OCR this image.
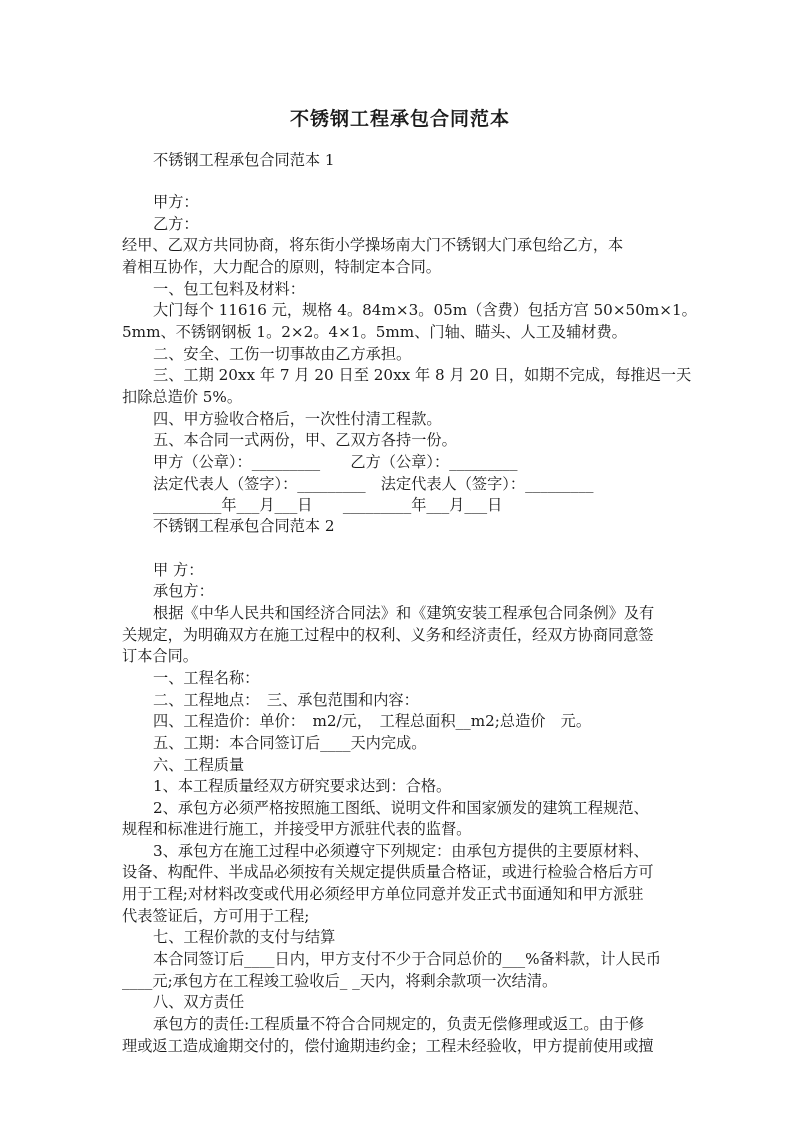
不锈钢工程承包合同范本
不锈钢工程承包合同范本 1
甲方：
乙方：
经甲、乙双方共同协商，将东街小学操场南大门不锈钢大门承包给乙方，本
着相互协作，大力配合的原则，特制定本合同。
一、包工包料及材料：
大门每个 11616 元，规格 4。84m×3。05m（含费）包括方宫 50×50m×1。
5mm、不锈钢钢板 1。2×2。4×1。5mm、门轴、瞄头、人工及辅材费。
二、安全、工伤一切事故由乙方承担。
三、工期 20xx 年 7 月 20 日至 20xx 年 8 月 20 日，如期不完成，每推迟一天
扣除总造价 5%。
四、甲方验收合格后，一次性付清工程款。
五、本合同一式两份，甲、乙双方各持一份。
甲方（公章）：_________　　乙方（公章）：_________
法定代表人（签字）：_________　法定代表人（签字）：_________
_________年___月___日　　_________年___月___日
不锈钢工程承包合同范本 2
甲 方：
承包方：
根据《中华人民共和国经济合同法》和《建筑安装工程承包合同条例》及有
关规定，为明确双方在施工过程中的权利、义务和经济责任，经双方协商同意签
订本合同。
一、工程名称：
二、工程地点：　三、承包范围和内容：
四、工程造价：单价：　m2/元，　工程总面积__m2;总造价　元。
五、工期：本合同签订后____天内完成。
六、工程质量
1、本工程质量经双方研究要求达到：合格。
2、承包方必须严格按照施工图纸、说明文件和国家颁发的建筑工程规范、
规程和标准进行施工，并接受甲方派驻代表的监督。
3、承包方在施工过程中必须遵守下列规定：由承包方提供的主要原材料、
设备、构配件、半成品必须按有关规定提供质量合格证，或进行检验合格后方可
用于工程;对材料改变或代用必须经甲方单位同意并发正式书面通知和甲方派驻
代表签证后，方可用于工程;
七、工程价款的支付与结算
本合同签订后____日内，甲方支付不少于合同总价的___%备料款，计人民币
____元;承包方在工程竣工验收后_ _天内，将剩余款项一次结清。
八、双方责任
承包方的责任:工程质量不符合合同规定的，负责无偿修理或返工。由于修
理或返工造成逾期交付的，偿付逾期违约金；工程未经验收，甲方提前使用或擅
